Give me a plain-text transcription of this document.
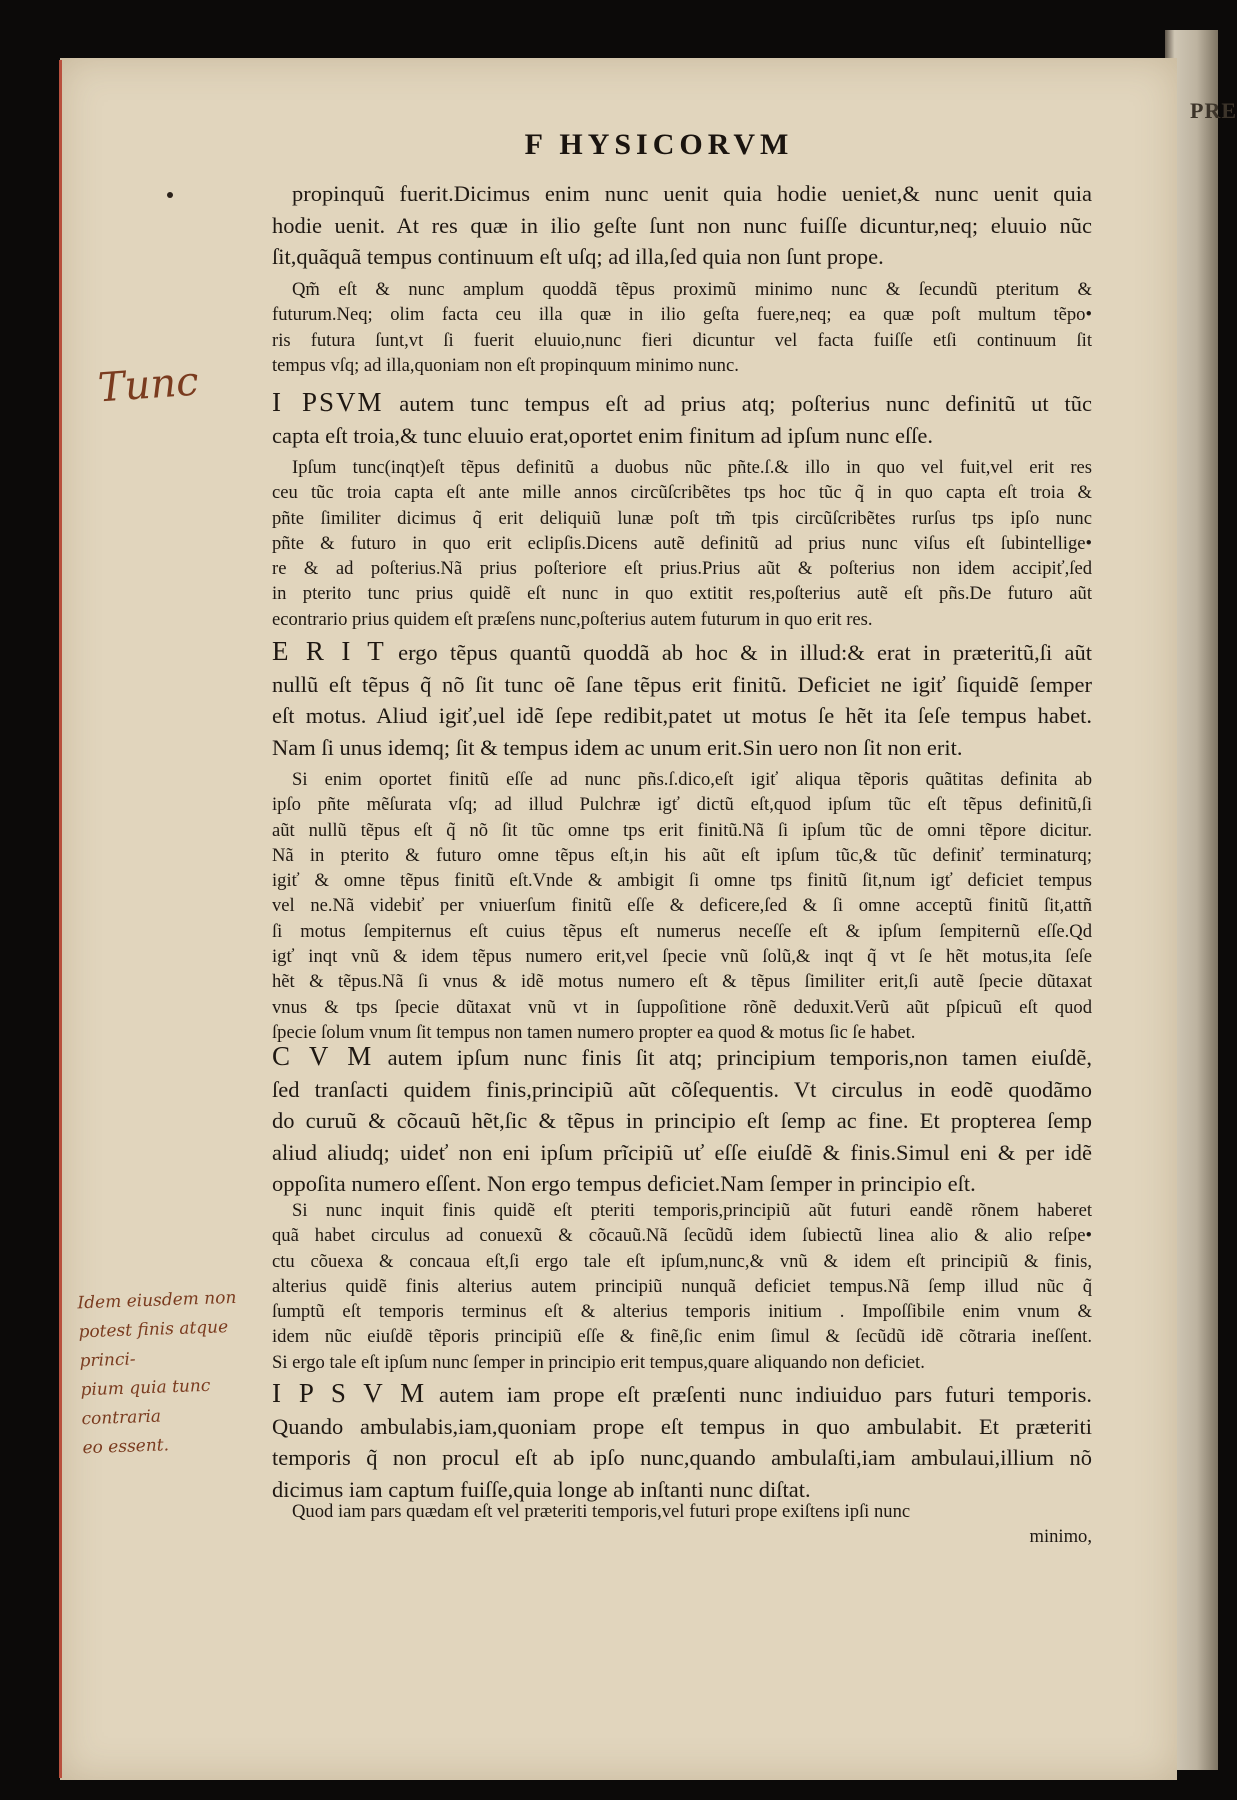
PRE
F HYSICORVM
propinquũ fuerit.Dicimus enim nunc uenit quia hodie ueniet,& nunc uenit quia
hodie uenit. At res quæ in ilio geſte ſunt non nunc fuiſſe dicuntur,neq; eluuio nũc
ſit,quãquã tempus continuum eſt uſq; ad illa,ſed quia non ſunt prope.
Qm̃ eſt & nunc amplum quoddã tẽpus proximũ minimo nunc & ſecundũ pteritum &
futurum.Neq; olim facta ceu illa quæ in ilio geſta fuere,neq; ea quæ poſt multum tẽpo•
ris futura ſunt,vt ſi fuerit eluuio,nunc fieri dicuntur vel facta fuiſſe etſi continuum ſit
tempus vſq; ad illa,quoniam non eſt propinquum minimo nunc.
I PSVM autem tunc tempus eſt ad prius atq; poſterius nunc definitũ ut tũc
capta eſt troia,& tunc eluuio erat,oportet enim finitum ad ipſum nunc eſſe.
Ipſum tunc(inqt)eſt tẽpus definitũ a duobus nũc pñte.ſ.& illo in quo vel fuit,vel erit res
ceu tũc troia capta eſt ante mille annos circũſcribẽtes tps hoc tũc q̃ in quo capta eſt troia &
pñte ſimiliter dicimus q̃ erit deliquiũ lunæ poſt tm̃ tpis circũſcribẽtes rurſus tps ipſo nunc
pñte & futuro in quo erit eclipſis.Dicens autẽ definitũ ad prius nunc viſus eſt ſubintellige•
re & ad poſterius.Nã prius poſteriore eſt prius.Prius aũt & poſterius non idem accipiť,ſed
in pterito tunc prius quidẽ eſt nunc in quo extitit res,poſterius autẽ eſt pñs.De futuro aũt
econtrario prius quidem eſt præſens nunc,poſterius autem futurum in quo erit res.
E R I T ergo tẽpus quantũ quoddã ab hoc & in illud:& erat in præteritũ,ſi aũt
nullũ eſt tẽpus q̃ nõ ſit tunc oẽ ſane tẽpus erit finitũ. Deficiet ne igiť ſiquidẽ ſemper
eſt motus. Aliud igiť,uel idẽ ſepe redibit,patet ut motus ſe hẽt ita ſeſe tempus habet.
Nam ſi unus idemq; ſit & tempus idem ac unum erit.Sin uero non ſit non erit.
Si enim oportet finitũ eſſe ad nunc pñs.ſ.dico,eſt igiť aliqua tẽporis quãtitas definita ab
ipſo pñte mẽſurata vſq; ad illud Pulchræ igť dictũ eſt,quod ipſum tũc eſt tẽpus definitũ,ſi
aũt nullũ tẽpus eſt q̃ nõ ſit tũc omne tps erit finitũ.Nã ſi ipſum tũc de omni tẽpore dicitur.
Nã in pterito & futuro omne tẽpus eſt,in his aũt eſt ipſum tũc,& tũc definiť terminaturq;
igiť & omne tẽpus finitũ eſt.Vnde & ambigit ſi omne tps finitũ ſit,num igť deficiet tempus
vel ne.Nã videbiť per vniuerſum finitũ eſſe & deficere,ſed & ſi omne acceptũ finitũ ſit,attñ
ſi motus ſempiternus eſt cuius tẽpus eſt numerus neceſſe eſt & ipſum ſempiternũ eſſe.Qd
igť inqt vnũ & idem tẽpus numero erit,vel ſpecie vnũ ſolũ,& inqt q̃ vt ſe hẽt motus,ita ſeſe
hẽt & tẽpus.Nã ſi vnus & idẽ motus numero eſt & tẽpus ſimiliter erit,ſi autẽ ſpecie dũtaxat
vnus & tps ſpecie dũtaxat vnũ vt in ſuppoſitione rõnẽ deduxit.Verũ aũt pſpicuũ eſt quod
ſpecie ſolum vnum ſit tempus non tamen numero propter ea quod & motus ſic ſe habet.
C V M autem ipſum nunc finis ſit atq; principium temporis,non tamen eiuſdẽ,
ſed tranſacti quidem finis,principiũ aũt cõſequentis. Vt circulus in eodẽ quodãmo
do curuũ & cõcauũ hẽt,ſic & tẽpus in principio eſt ſemp ac fine. Et propterea ſemp
aliud aliudq; uideť non eni ipſum prĩcipiũ uť eſſe eiuſdẽ & finis.Simul eni & per idẽ
oppoſita numero eſſent. Non ergo tempus deficiet.Nam ſemper in principio eſt.
Si nunc inquit finis quidẽ eſt pteriti temporis,principiũ aũt futuri eandẽ rõnem haberet
quã habet circulus ad conuexũ & cõcauũ.Nã ſecũdũ idem ſubiectũ linea alio & alio reſpe•
ctu cõuexa & concaua eſt,ſi ergo tale eſt ipſum,nunc,& vnũ & idem eſt principiũ & finis,
alterius quidẽ finis alterius autem principiũ nunquã deficiet tempus.Nã ſemp illud nũc q̃
ſumptũ eſt temporis terminus eſt & alterius temporis initium . Impoſſibile enim vnum &
idem nũc eiuſdẽ tẽporis principiũ eſſe & finẽ,ſic enim ſimul & ſecũdũ idẽ cõtraria ineſſent.
Si ergo tale eſt ipſum nunc ſemper in principio erit tempus,quare aliquando non deficiet.
I P S V M autem iam prope eſt præſenti nunc indiuiduo pars futuri temporis.
Quando ambulabis,iam,quoniam prope eſt tempus in quo ambulabit. Et præteriti
temporis q̃ non procul eſt ab ipſo nunc,quando ambulaſti,iam ambulaui,illium nõ
dicimus iam captum fuiſſe,quia longe ab inſtanti nunc diſtat.
Quod iam pars quædam eſt vel præteriti temporis,vel futuri prope exiſtens ipſi nunc
minimo,
Tunc
Idem eiusdem non
potest finis atque princi-
pium quia tunc contraria
eo essent.
